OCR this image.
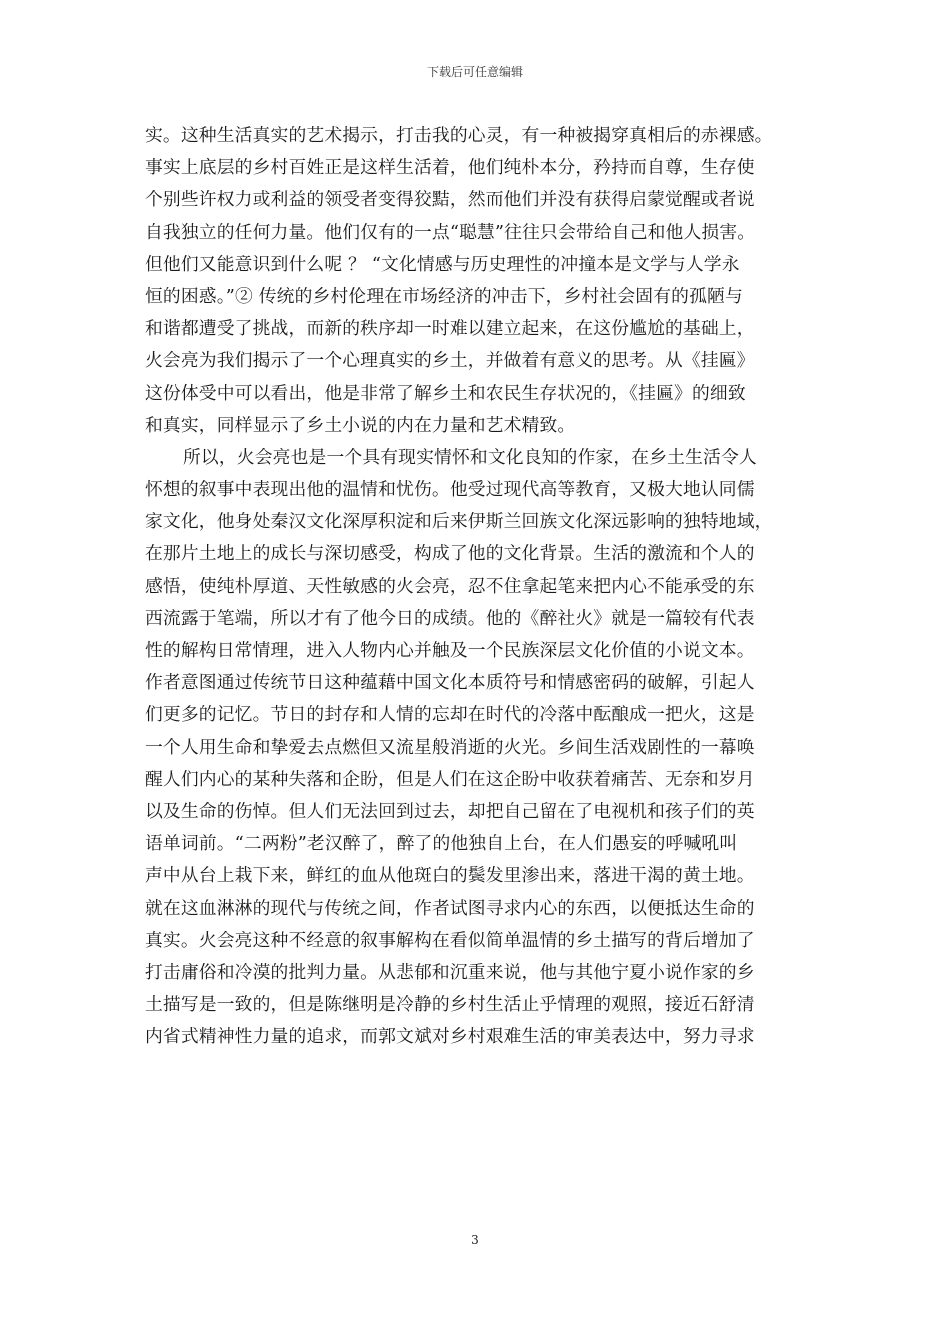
下载后可任意编辑
实。这种生活真实的艺术揭示，打击我的心灵，有一种被揭穿真相后的赤裸感。
事实上底层的乡村百姓正是这样生活着，他们纯朴本分，矜持而自尊，生存使
个别些许权力或利益的领受者变得狡黠，然而他们并没有获得启蒙觉醒或者说
自我独立的任何力量。他们仅有的一点“聪慧”往往只会带给自己和他人损害。
但他们又能意识到什么呢 ？ “文化情感与历史理性的冲撞本是文学与人学永
恒的困惑。”② 传统的乡村伦理在市场经济的冲击下，乡村社会固有的孤陋与
和谐都遭受了挑战，而新的秩序却一时难以建立起来，在这份尴尬的基础上，
火会亮为我们揭示了一个心理真实的乡土，并做着有意义的思考。从《挂匾》
这份体受中可以看出，他是非常了解乡土和农民生存状况的，《挂匾》的细致
和真实，同样显示了乡土小说的内在力量和艺术精致。
所以，火会亮也是一个具有现实情怀和文化良知的作家，在乡土生活令人
怀想的叙事中表现出他的温情和忧伤。他受过现代高等教育，又极大地认同儒
家文化，他身处秦汉文化深厚积淀和后来伊斯兰回族文化深远影响的独特地域，
在那片土地上的成长与深切感受，构成了他的文化背景。生活的激流和个人的
感悟，使纯朴厚道、天性敏感的火会亮，忍不住拿起笔来把内心不能承受的东
西流露于笔端，所以才有了他今日的成绩。他的《醉社火》就是一篇较有代表
性的解构日常情理，进入人物内心并触及一个民族深层文化价值的小说文本。
作者意图通过传统节日这种蕴藉中国文化本质符号和情感密码的破解，引起人
们更多的记忆。节日的封存和人情的忘却在时代的冷落中酝酿成一把火，这是
一个人用生命和挚爱去点燃但又流星般消逝的火光。乡间生活戏剧性的一幕唤
醒人们内心的某种失落和企盼，但是人们在这企盼中收获着痛苦、无奈和岁月
以及生命的伤悼。但人们无法回到过去，却把自己留在了电视机和孩子们的英
语单词前。“二两粉”老汉醉了，醉了的他独自上台，在人们愚妄的呼喊吼叫
声中从台上栽下来，鲜红的血从他斑白的鬓发里渗出来，落进干渴的黄土地。
就在这血淋淋的现代与传统之间，作者试图寻求内心的东西，以便抵达生命的
真实。火会亮这种不经意的叙事解构在看似简单温情的乡土描写的背后增加了
打击庸俗和冷漠的批判力量。从悲郁和沉重来说，他与其他宁夏小说作家的乡
土描写是一致的，但是陈继明是冷静的乡村生活止乎情理的观照，接近石舒清
内省式精神性力量的追求，而郭文斌对乡村艰难生活的审美表达中，努力寻求
3
